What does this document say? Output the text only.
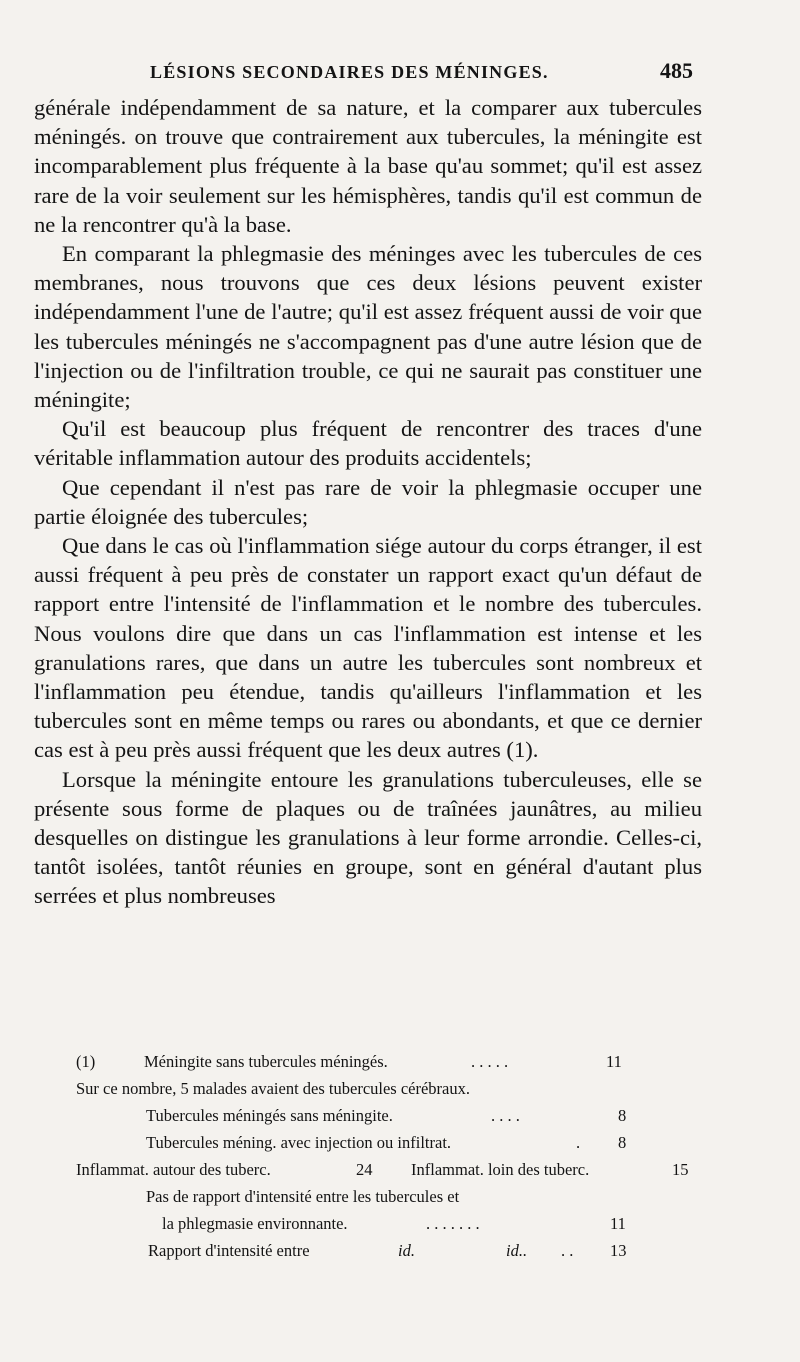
LÉSIONS SECONDAIRES DES MÉNINGES.	485

générale indépendamment de sa nature, et la comparer aux tubercules méningés. on trouve que contrairement aux tubercules, la méningite est incomparablement plus fréquente à la base qu'au sommet; qu'il est assez rare de la voir seulement sur les hémisphères, tandis qu'il est commun de ne la rencontrer qu'à la base.

En comparant la phlegmasie des méninges avec les tubercules de ces membranes, nous trouvons que ces deux lésions peuvent exister indépendamment l'une de l'autre; qu'il est assez fréquent aussi de voir que les tubercules méningés ne s'accompagnent pas d'une autre lésion que de l'injection ou de l'infiltration trouble, ce qui ne saurait pas constituer une méningite;

Qu'il est beaucoup plus fréquent de rencontrer des traces d'une véritable inflammation autour des produits accidentels;

Que cependant il n'est pas rare de voir la phlegmasie occuper une partie éloignée des tubercules;

Que dans le cas où l'inflammation siége autour du corps étranger, il est aussi fréquent à peu près de constater un rapport exact qu'un défaut de rapport entre l'intensité de l'inflammation et le nombre des tubercules. Nous voulons dire que dans un cas l'inflammation est intense et les granulations rares, que dans un autre les tubercules sont nombreux et l'inflammation peu étendue, tandis qu'ailleurs l'inflammation et les tubercules sont en même temps ou rares ou abondants, et que ce dernier cas est à peu près aussi fréquent que les deux autres (1).

Lorsque la méningite entoure les granulations tuberculeuses, elle se présente sous forme de plaques ou de traînées jaunâtres, au milieu desquelles on distingue les granulations à leur forme arrondie. Celles-ci, tantôt isolées, tantôt réunies en groupe, sont en général d'autant plus serrées et plus nombreuses

(1)	Méningite sans tubercules méningés.	. . . . .	11
Sur ce nombre, 5 malades avaient des tubercules cérébraux.
Tubercules méningés sans méningite.	. . . .	8
Tubercules méning. avec injection ou infiltrat.	. 8
Inflammat. autour des tuberc.	24 Inflammat. loin des tuberc.	15
Pas de rapport d'intensité entre les tubercules et
la phlegmasie environnante.	. . . . . . .	11
Rapport d'intensité entre	id.	id.. . . 13
